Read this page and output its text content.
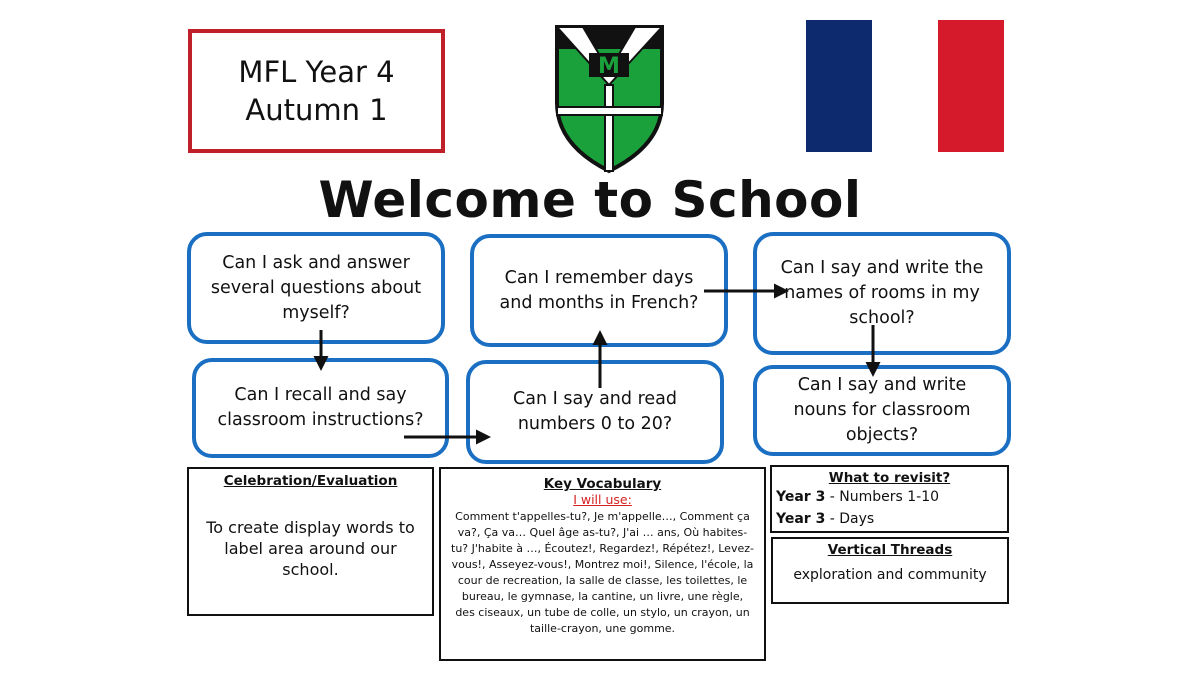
MFL Year 4
Autumn 1
M
Welcome to School
Can I ask and answer several questions about myself?
Can I remember days and months in French?
Can I say and write the names of rooms in my school?
Can I recall and say classroom instructions?
Can I say and read numbers 0 to 20?
Can I say and write nouns for classroom objects?
Celebration/Evaluation
To create display words to label area around our school.
Key Vocabulary
I will use:
Comment t'appelles-tu?, Je m'appelle…, Comment ça va?, Ça va… Quel âge as-tu?, J'ai … ans, Où habites-tu? J'habite à …, Écoutez!, Regardez!, Répétez!, Levez-vous!, Asseyez-vous!, Montrez moi!, Silence, l'école, la cour de recreation, la salle de classe, les toilettes, le bureau, le gymnase, la cantine, un livre, une règle, des ciseaux, un tube de colle, un stylo, un crayon, un taille-crayon, une gomme.
What to revisit?
Year 3 - Numbers 1-10
Year 3 - Days
Vertical Threads
exploration and community
